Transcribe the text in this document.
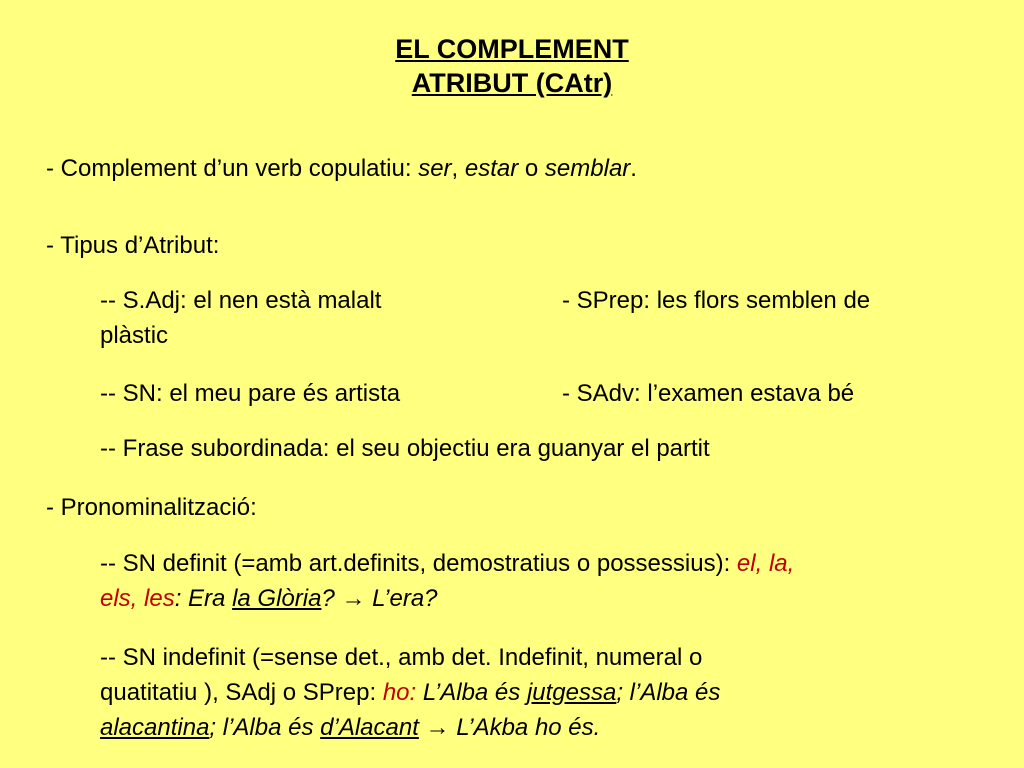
EL COMPLEMENT
ATRIBUT (CAtr)
- Complement d’un verb copulatiu: ser, estar o semblar.
- Tipus d’Atribut:
-- S.Adj: el nen està malalt	- SPrep: les flors semblen de
plàstic
-- SN: el meu pare és artista	- SAdv: l’examen estava bé
-- Frase subordinada: el seu objectiu era guanyar el partit
- Pronominalització:
-- SN definit (=amb art.definits, demostratius o possessius): el, la,
els, les: Era la Glòria? → L’era?
-- SN indefinit (=sense det., amb det. Indefinit, numeral o
quatitatiu ), SAdj o SPrep: ho: L’Alba és jutgessa; l’Alba és
alacantina; l’Alba és d’Alacant → L’Akba ho és.
